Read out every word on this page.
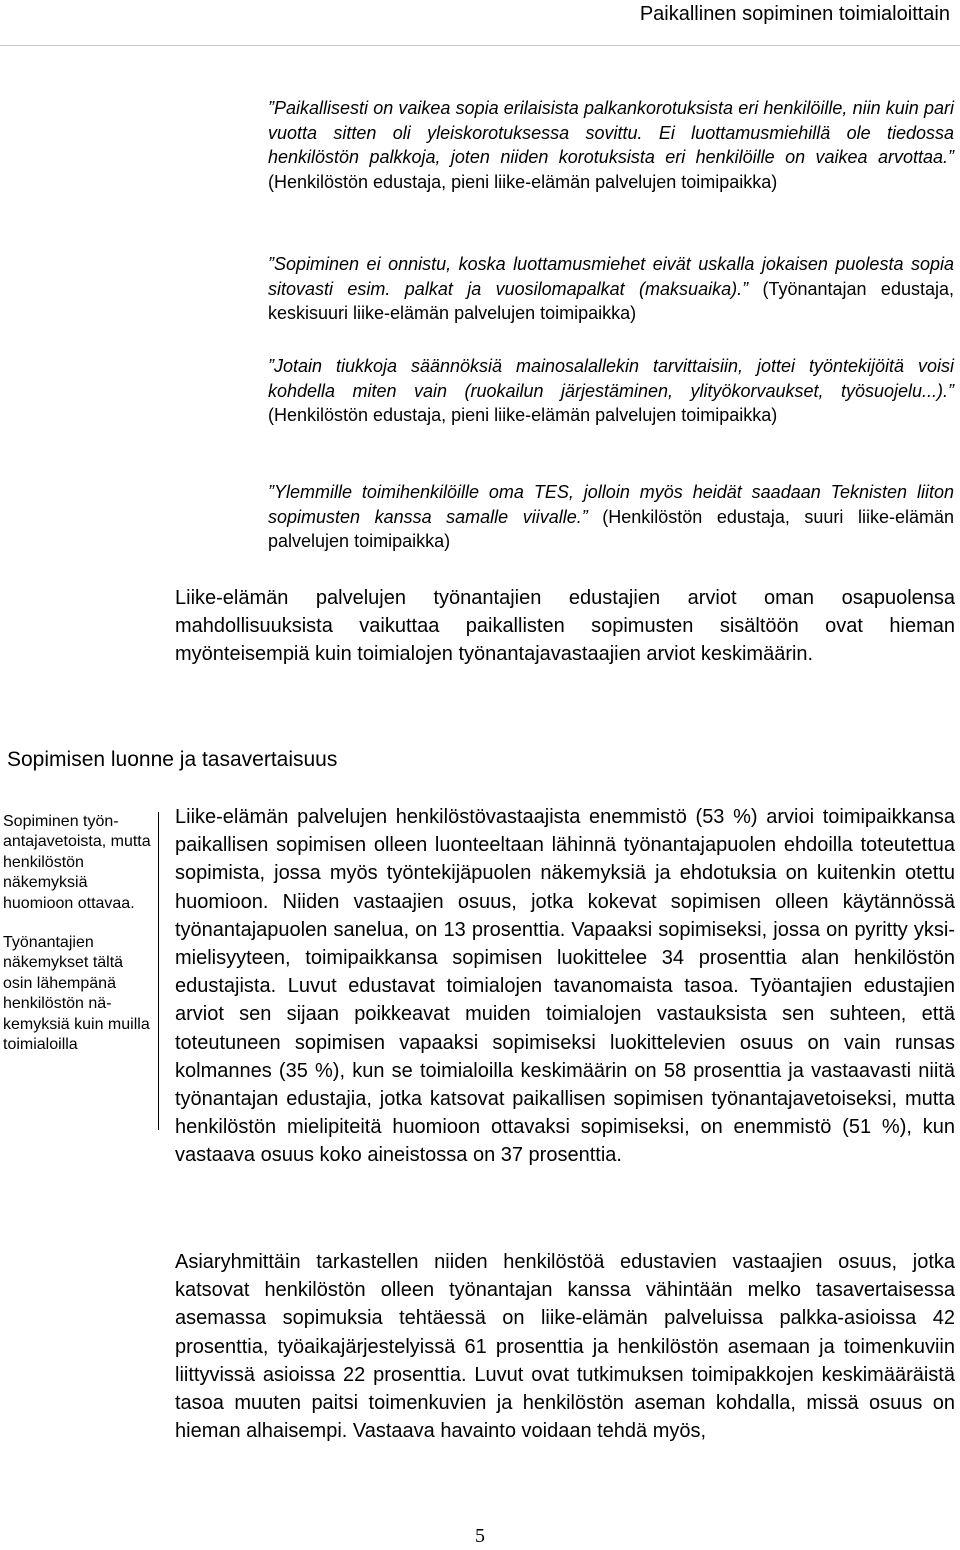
Paikallinen sopiminen toimialoittain
”Paikallisesti on vaikea sopia erilaisista palkankorotuksista eri henkilöille, niin kuin pari vuotta sitten oli yleiskorotuksessa sovittu. Ei luottamusmiehillä ole tiedossa henkilöstön palkkoja, joten niiden korotuksista eri henkilöille on vaikea arvottaa.” (Henkilöstön edustaja, pieni liike-elämän palvelujen toimipaikka)
”Sopiminen ei onnistu, koska luottamusmiehet eivät uskalla jokaisen puolesta sopia sitovasti esim. palkat ja vuosilomapalkat (maksuaika).” (Työnantajan edustaja, keskisuuri liike-elämän palvelujen toimipaikka)
”Jotain tiukkoja säännöksiä mainosalallekin tarvittaisiin, jottei työntekijöitä voisi kohdella miten vain (ruokailun järjestäminen, ylityökorvaukset, työsuojelu...).” (Henkilöstön edustaja, pieni liike-elämän palvelujen toimipaikka)
”Ylemmille toimihenkilöille oma TES, jolloin myös heidät saadaan Teknisten liiton sopimusten kanssa samalle viivalle.” (Henkilöstön edustaja, suuri liike-elämän palvelujen toimipaikka)
Liike-elämän palvelujen työnantajien edustajien arviot oman osapuolensa mahdollisuuksista vaikuttaa paikallisten sopimusten sisältöön ovat hieman myönteisempiä kuin toimialojen työnantajavastaajien arviot keskimäärin.
Sopimisen luonne ja tasavertaisuus

Sopiminen työnantajavetoista, mutta henkilöstön näkemyksiä huomioon ottavaa.

Työnantajien näkemykset tältä osin lähempänä henkilöstön näkemyksiä kuin muilla toimialoilla

Liike-elämän palvelujen henkilöstövastaajista enemmistö (53 %) arvioi toimipaikkansa paikallisen sopimisen olleen luonteeltaan lähinnä työnantajapuolen ehdoilla toteutettua sopimista, jossa myös työntekijäpuolen näkemyksiä ja ehdotuksia on kuitenkin otettu huomioon. Niiden vastaajien osuus, jotka kokevat sopimisen olleen käytännössä työnantajapuolen sanelua, on 13 prosenttia. Vapaaksi sopimiseksi, jossa on pyritty yksimielisyyteen, toimipaikkansa sopimisen luokittelee 34 prosenttia alan henkilöstön edustajista. Luvut edustavat toimialojen tavanomaista tasoa. Työantajien edustajien arviot sen sijaan poikkeavat muiden toimialojen vastauksista sen suhteen, että toteutuneen sopimisen vapaaksi sopimiseksi luokittelevien osuus on vain runsas kolmannes (35 %), kun se toimialoilla keskimäärin on 58 prosenttia ja vastaavasti niitä työnantajan edustajia, jotka katsovat paikallisen sopimisen työnantajavetoiseksi, mutta henkilöstön mielipiteitä huomioon ottavaksi sopimiseksi, on enemmistö (51 %), kun vastaava osuus koko aineistossa on 37 prosenttia.
Asiaryhmittäin tarkastellen niiden henkilöstöä edustavien vastaajien osuus, jotka katsovat henkilöstön olleen työnantajan kanssa vähintään melko tasavertaisessa asemassa sopimuksia tehtäessä on liike-elämän palveluissa palkka-asioissa 42 prosenttia, työaikajärjestelyissä 61 prosenttia ja henkilöstön asemaan ja toimenkuviin liittyvissä asioissa 22 prosenttia. Luvut ovat tutkimuksen toimipakkojen keskimääräistä tasoa muuten paitsi toimenkuvien ja henkilöstön aseman kohdalla, missä osuus on hieman alhaisempi. Vastaava havainto voidaan tehdä myös,
5
